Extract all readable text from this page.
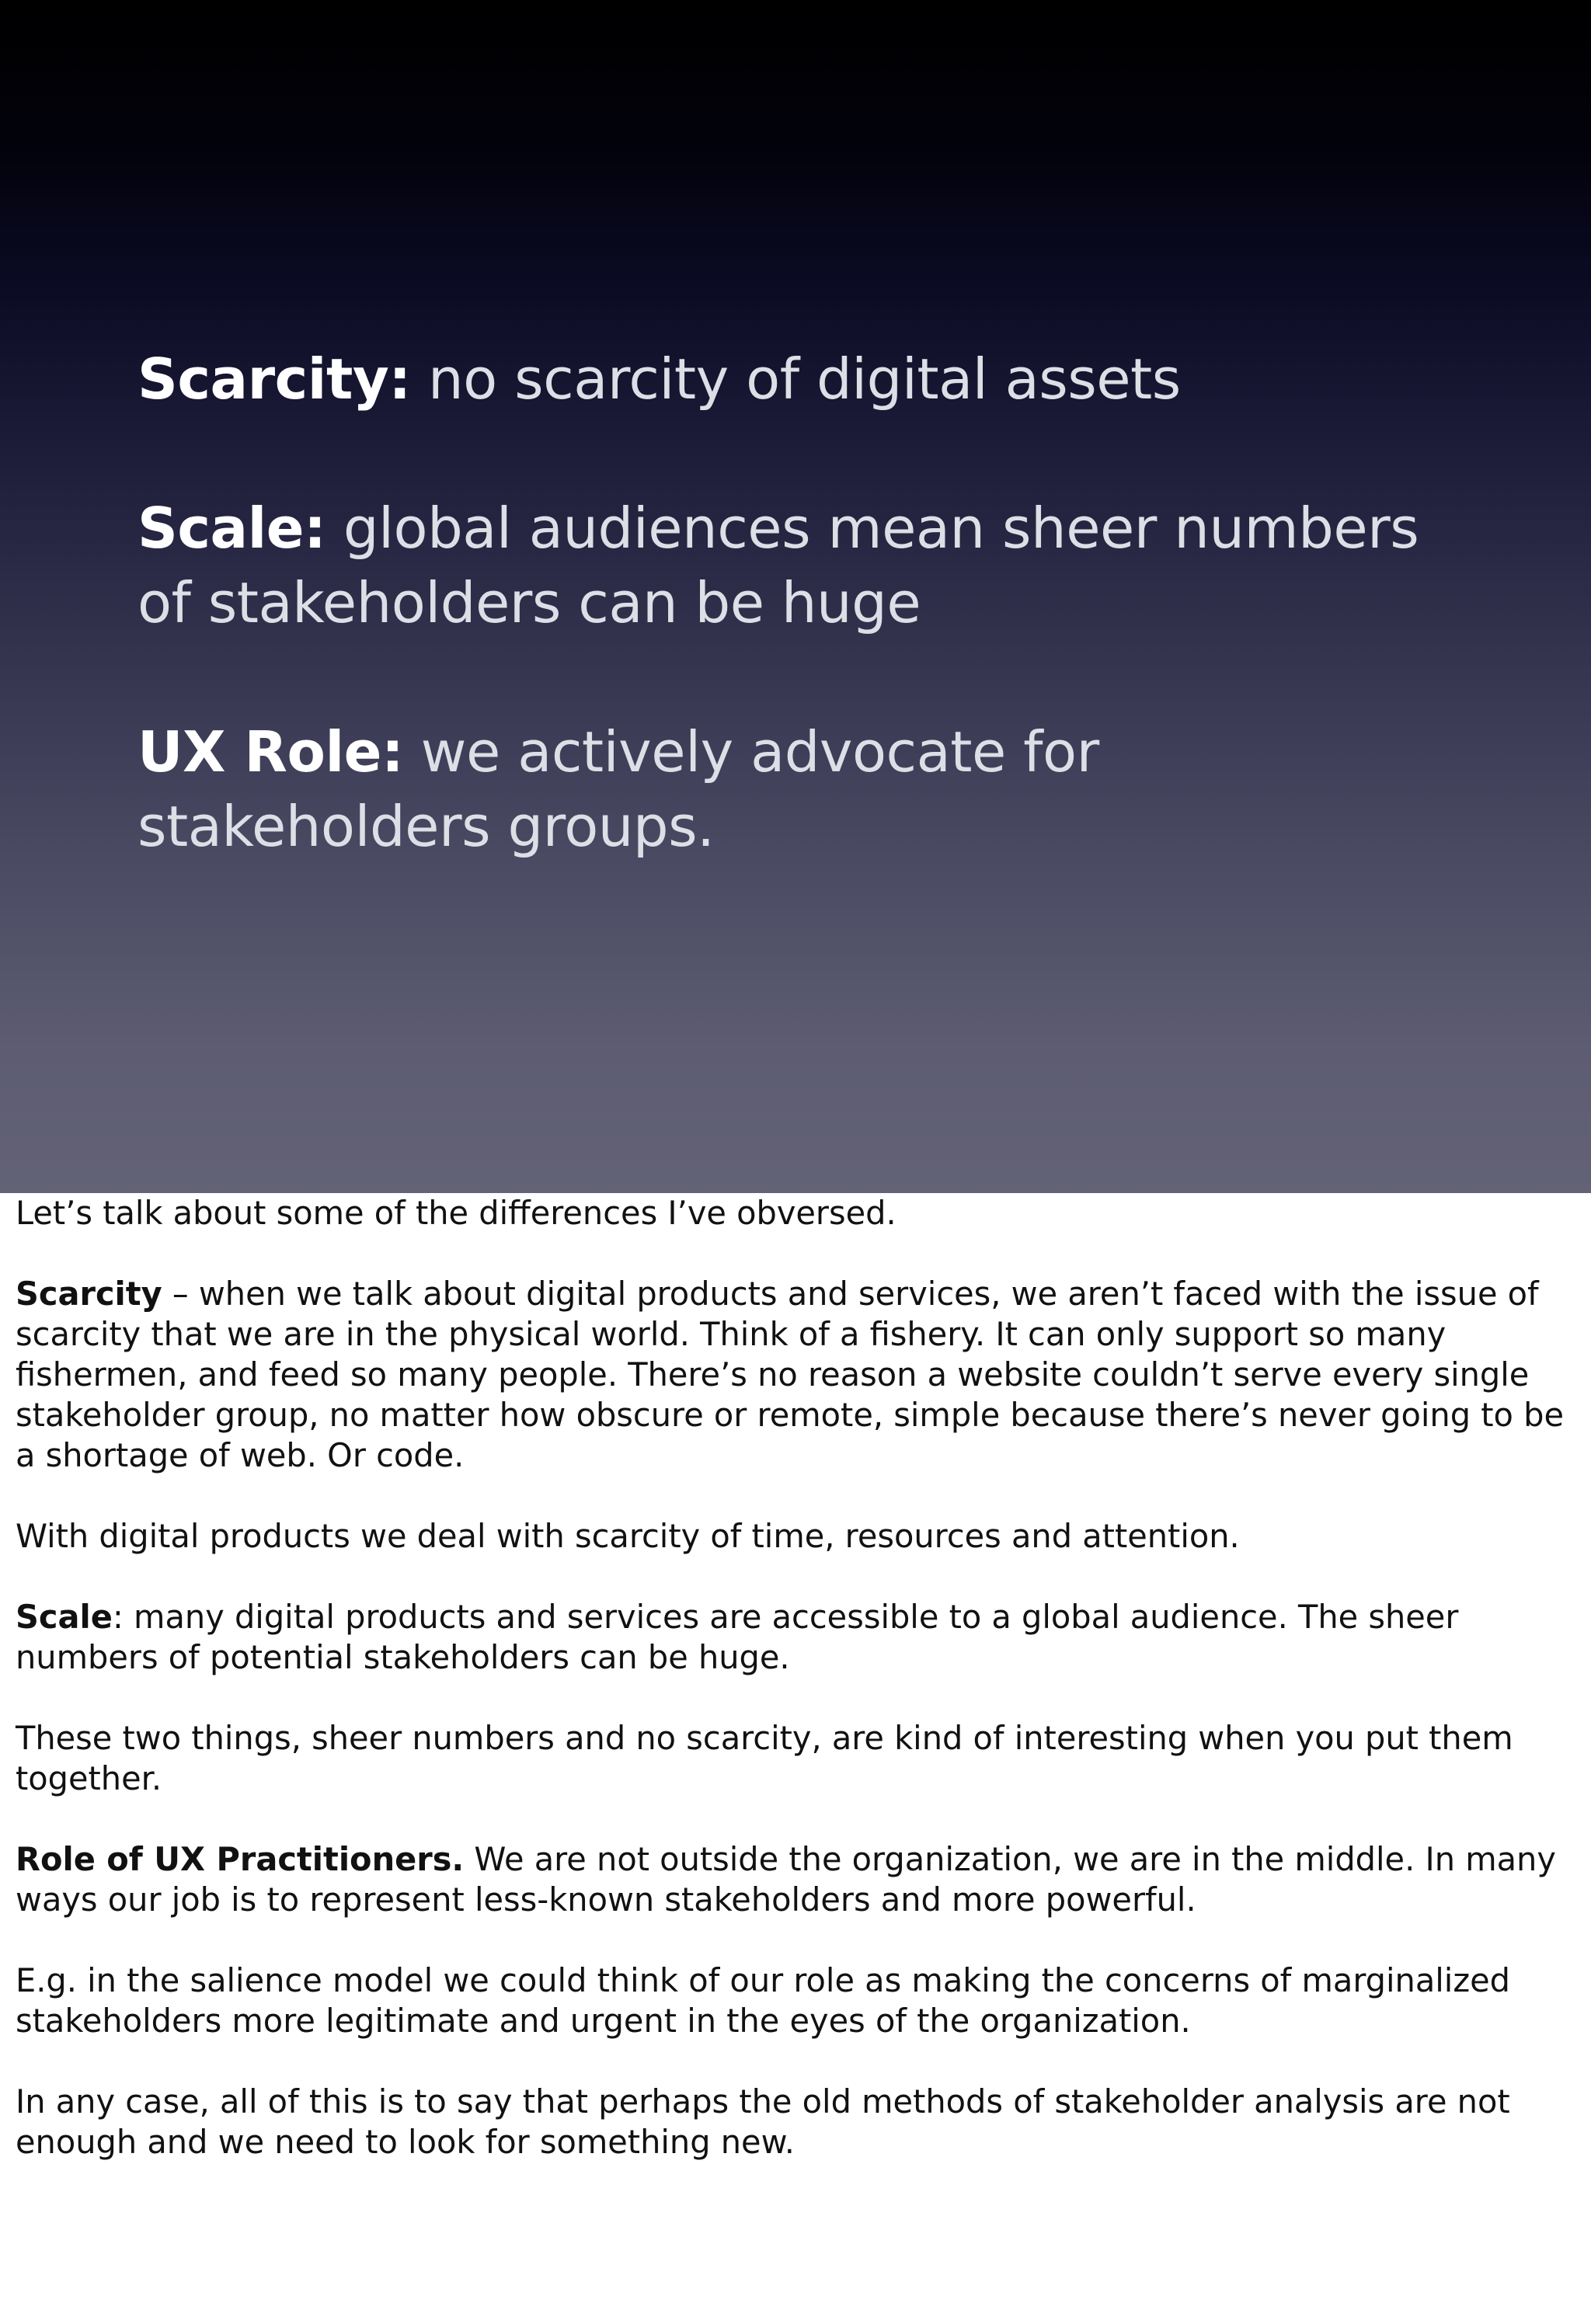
Scarcity: no scarcity of digital assets

Scale: global audiences mean sheer numbers of stakeholders can be huge

UX Role: we actively advocate for stakeholders groups.

Let’s talk about some of the differences I’ve obversed.

Scarcity – when we talk about digital products and services, we aren’t faced with the issue of scarcity that we are in the physical world. Think of a fishery. It can only support so many fishermen, and feed so many people. There’s no reason a website couldn’t serve every single stakeholder group, no matter how obscure or remote, simple because there’s never going to be a shortage of web. Or code.

With digital products we deal with scarcity of time, resources and attention.

Scale: many digital products and services are accessible to a global audience. The sheer numbers of potential stakeholders can be huge.

These two things, sheer numbers and no scarcity, are kind of interesting when you put them together.

Role of UX Practitioners. We are not outside the organization, we are in the middle. In many ways our job is to represent less-known stakeholders and more powerful.

E.g. in the salience model we could think of our role as making the concerns of marginalized stakeholders more legitimate and urgent in the eyes of the organization.

In any case, all of this is to say that perhaps the old methods of stakeholder analysis are not enough and we need to look for something new.
